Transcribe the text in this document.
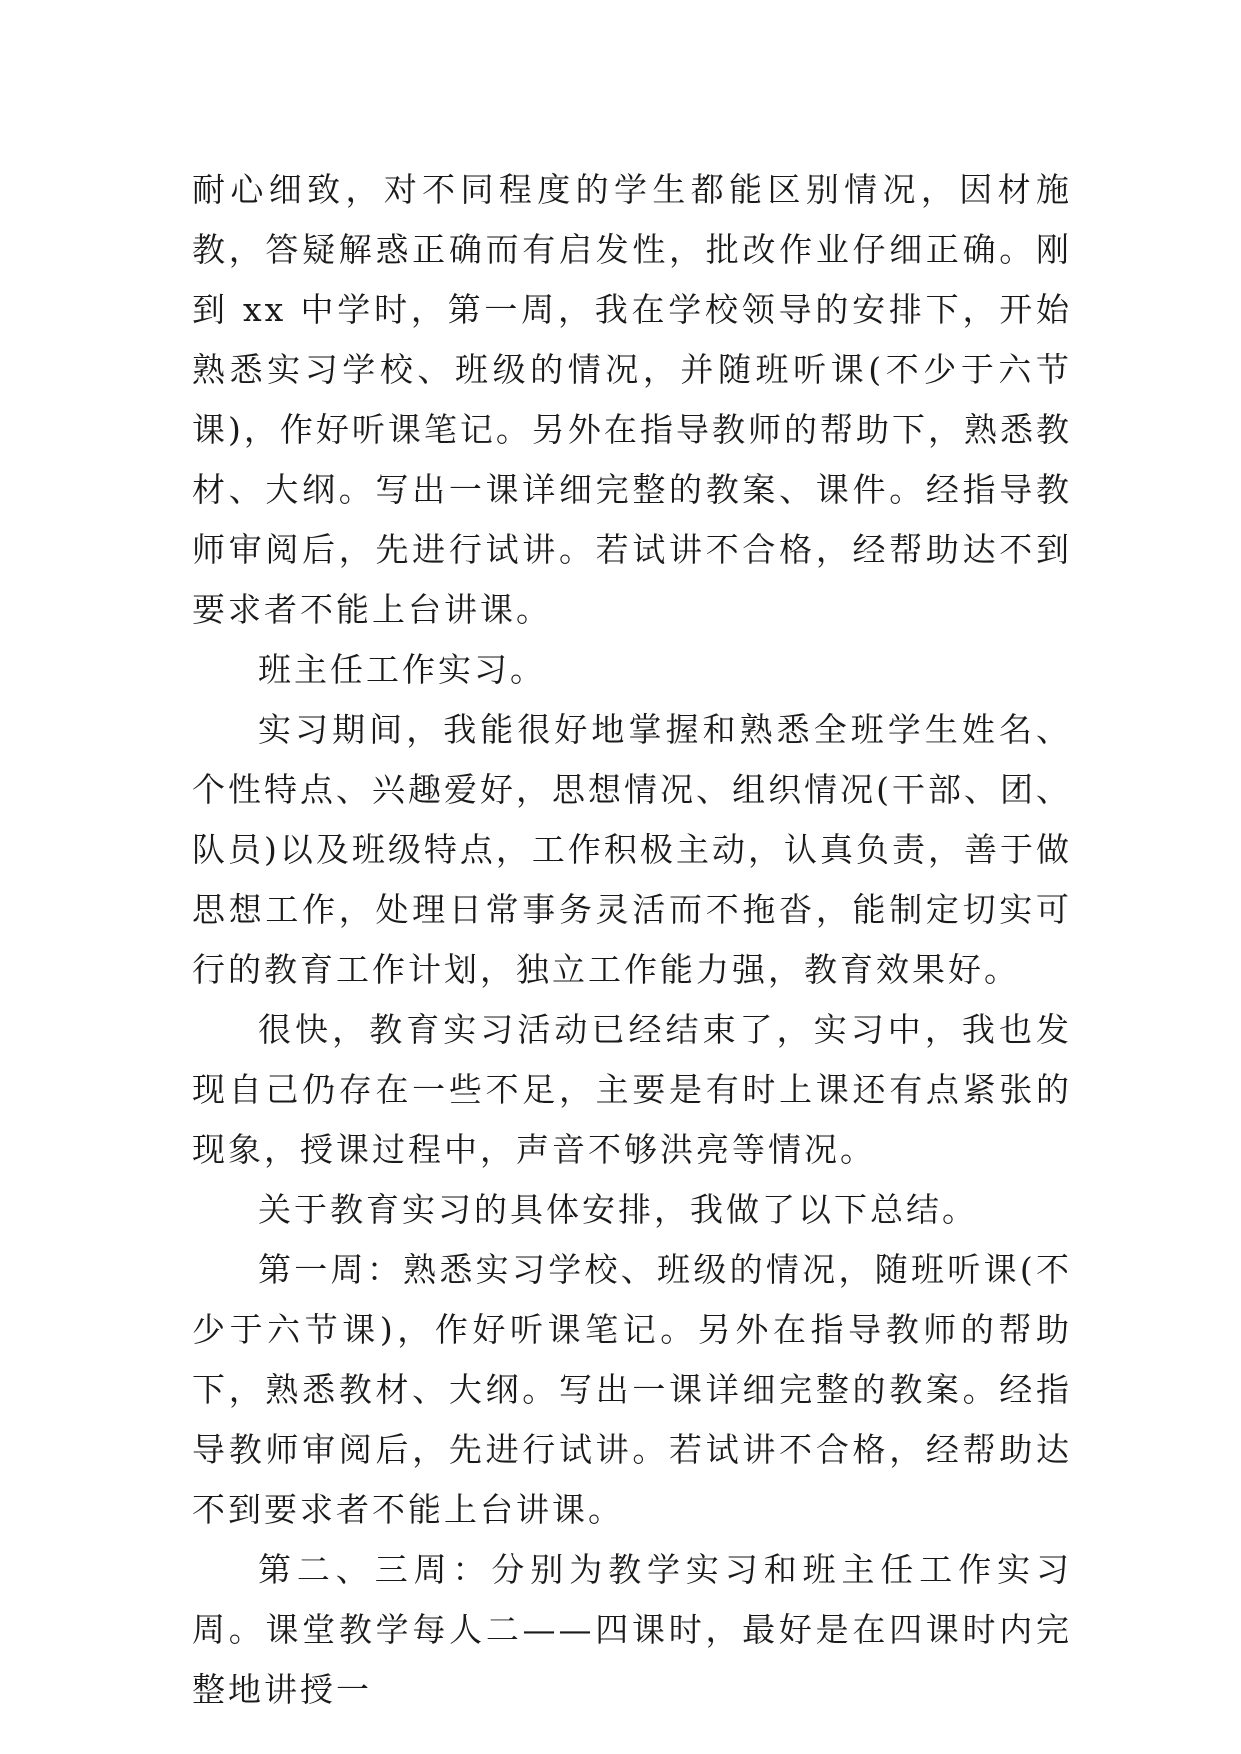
耐心细致，对不同程度的学生都能区别情况，因材施教，答疑解惑正确而有启发性，批改作业仔细正确。刚到 xx 中学时，第一周，我在学校领导的安排下，开始熟悉实习学校、班级的情况，并随班听课(不少于六节课)，作好听课笔记。另外在指导教师的帮助下，熟悉教材、大纲。写出一课详细完整的教案、课件。经指导教师审阅后，先进行试讲。若试讲不合格，经帮助达不到要求者不能上台讲课。

班主任工作实习。

实习期间，我能很好地掌握和熟悉全班学生姓名、个性特点、兴趣爱好，思想情况、组织情况(干部、团、队员)以及班级特点，工作积极主动，认真负责，善于做思想工作，处理日常事务灵活而不拖沓，能制定切实可行的教育工作计划，独立工作能力强，教育效果好。

很快，教育实习活动已经结束了，实习中，我也发现自己仍存在一些不足，主要是有时上课还有点紧张的现象，授课过程中，声音不够洪亮等情况。

关于教育实习的具体安排，我做了以下总结。

第一周：熟悉实习学校、班级的情况，随班听课(不少于六节课)，作好听课笔记。另外在指导教师的帮助下，熟悉教材、大纲。写出一课详细完整的教案。经指导教师审阅后，先进行试讲。若试讲不合格，经帮助达不到要求者不能上台讲课。

第二、三周：分别为教学实习和班主任工作实习周。课堂教学每人二——四课时，最好是在四课时内完整地讲授一
